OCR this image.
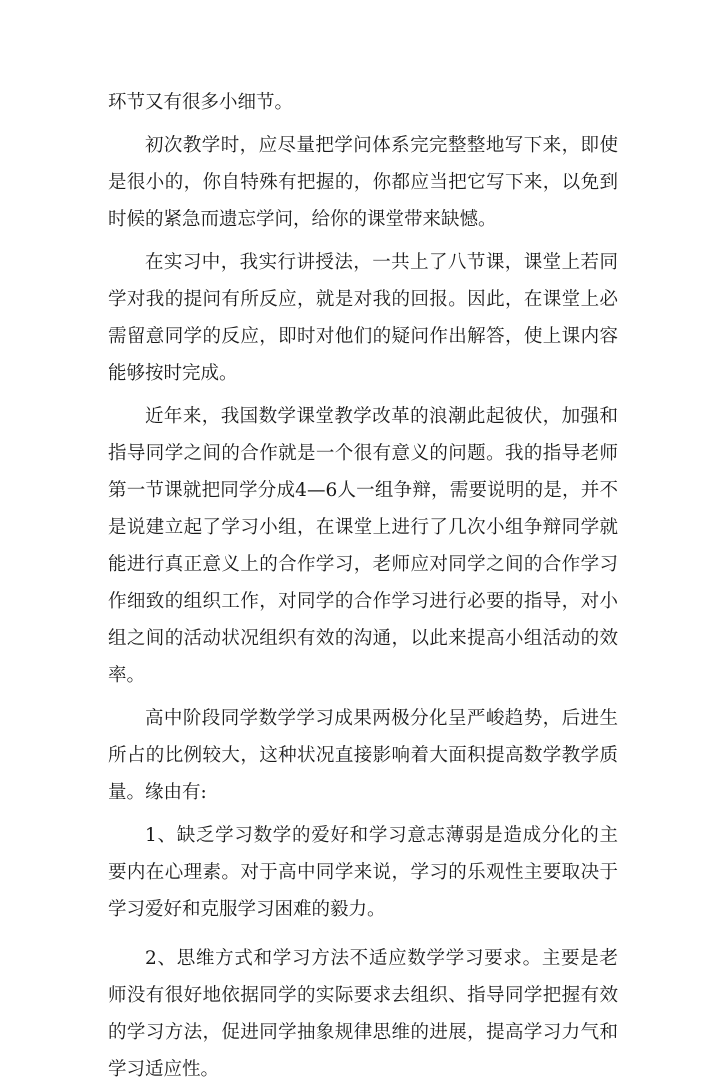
环节又有很多小细节。

初次教学时，应尽量把学问体系完完整整地写下来，即使是很小的，你自特殊有把握的，你都应当把它写下来，以免到时候的紧急而遗忘学问，给你的课堂带来缺憾。

在实习中，我实行讲授法，一共上了八节课，课堂上若同学对我的提问有所反应，就是对我的回报。因此，在课堂上必需留意同学的反应，即时对他们的疑问作出解答，使上课内容能够按时完成。

近年来，我国数学课堂教学改革的浪潮此起彼伏，加强和指导同学之间的合作就是一个很有意义的问题。我的指导老师第一节课就把同学分成4—6人一组争辩，需要说明的是，并不是说建立起了学习小组，在课堂上进行了几次小组争辩同学就能进行真正意义上的合作学习，老师应对同学之间的合作学习作细致的组织工作，对同学的合作学习进行必要的指导，对小组之间的活动状况组织有效的沟通，以此来提高小组活动的效率。

高中阶段同学数学学习成果两极分化呈严峻趋势，后进生所占的比例较大，这种状况直接影响着大面积提高数学教学质量。缘由有:

1、缺乏学习数学的爱好和学习意志薄弱是造成分化的主要内在心理素。对于高中同学来说，学习的乐观性主要取决于学习爱好和克服学习困难的毅力。

2、思维方式和学习方法不适应数学学习要求。主要是老师没有很好地依据同学的实际要求去组织、指导同学把握有效的学习方法，促进同学抽象规律思维的进展，提高学习力气和学习适应性。
